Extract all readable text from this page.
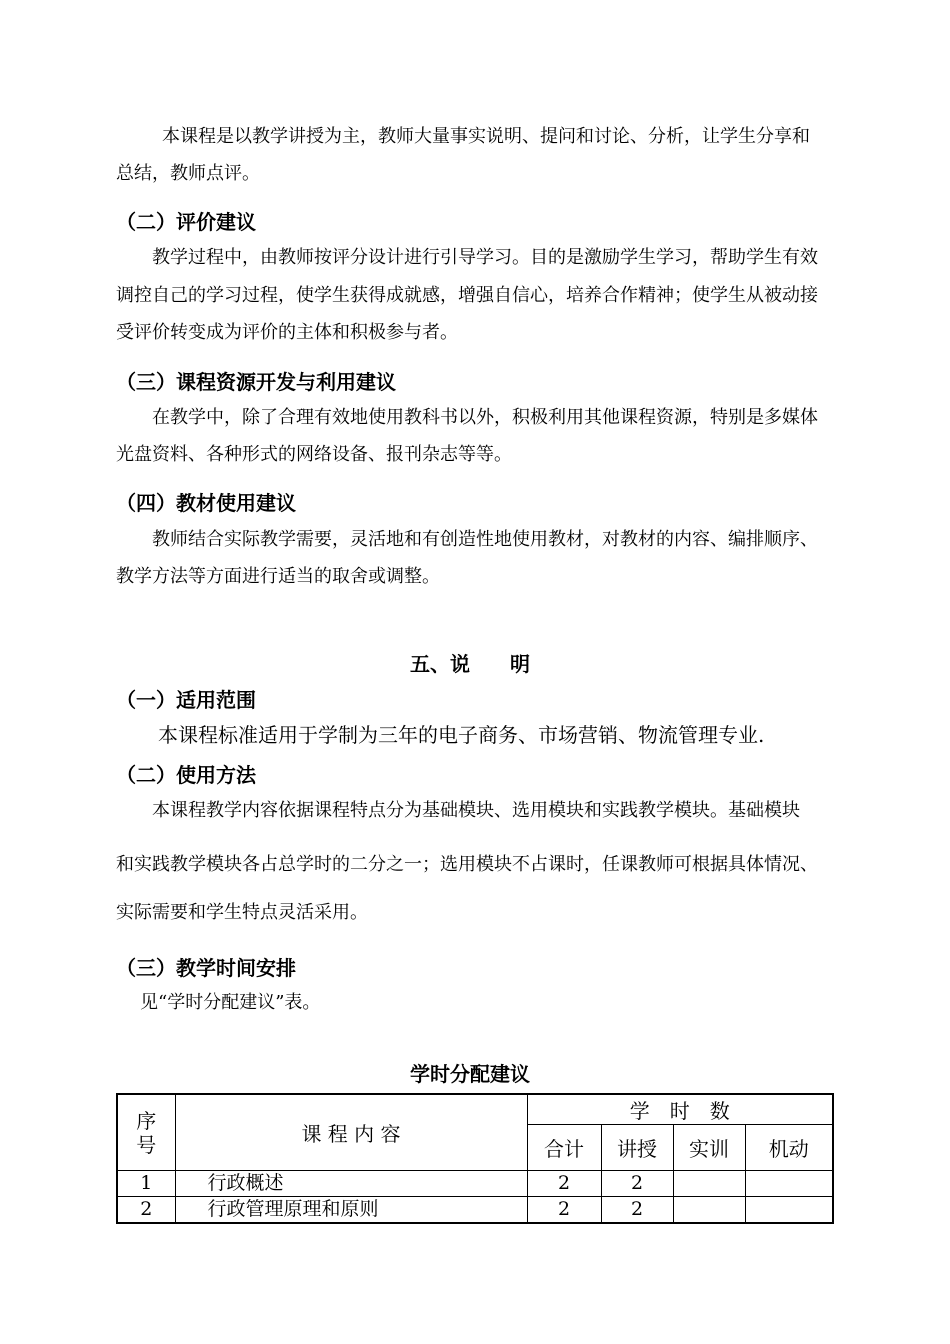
本课程是以教学讲授为主，教师大量事实说明、提问和讨论、分析，让学生分享和

总结，教师点评。

（二）评价建议

教学过程中，由教师按评分设计进行引导学习。目的是激励学生学习，帮助学生有效

调控自己的学习过程，使学生获得成就感，增强自信心，培养合作精神；使学生从被动接

受评价转变成为评价的主体和积极参与者。

（三）课程资源开发与利用建议

在教学中，除了合理有效地使用教科书以外，积极利用其他课程资源，特别是多媒体

光盘资料、各种形式的网络设备、报刊杂志等等。

（四）教材使用建议

教师结合实际教学需要，灵活地和有创造性地使用教材，对教材的内容、编排顺序、

教学方法等方面进行适当的取舍或调整。

五、说　　明
（一）适用范围

本课程标准适用于学制为三年的电子商务、市场营销、物流管理专业.

（二）使用方法

本课程教学内容依据课程特点分为基础模块、选用模块和实践教学模块。基础模块

和实践教学模块各占总学时的二分之一；选用模块不占课时，任课教师可根据具体情况、

实际需要和学生特点灵活采用。

（三）教学时间安排

见“学时分配建议”表。

学时分配建议
序
号	课 程 内 容	学　时　数			
		合计	讲授	实训	机动
1	行政概述	2	2		
2	行政管理原理和原则	2	2		
